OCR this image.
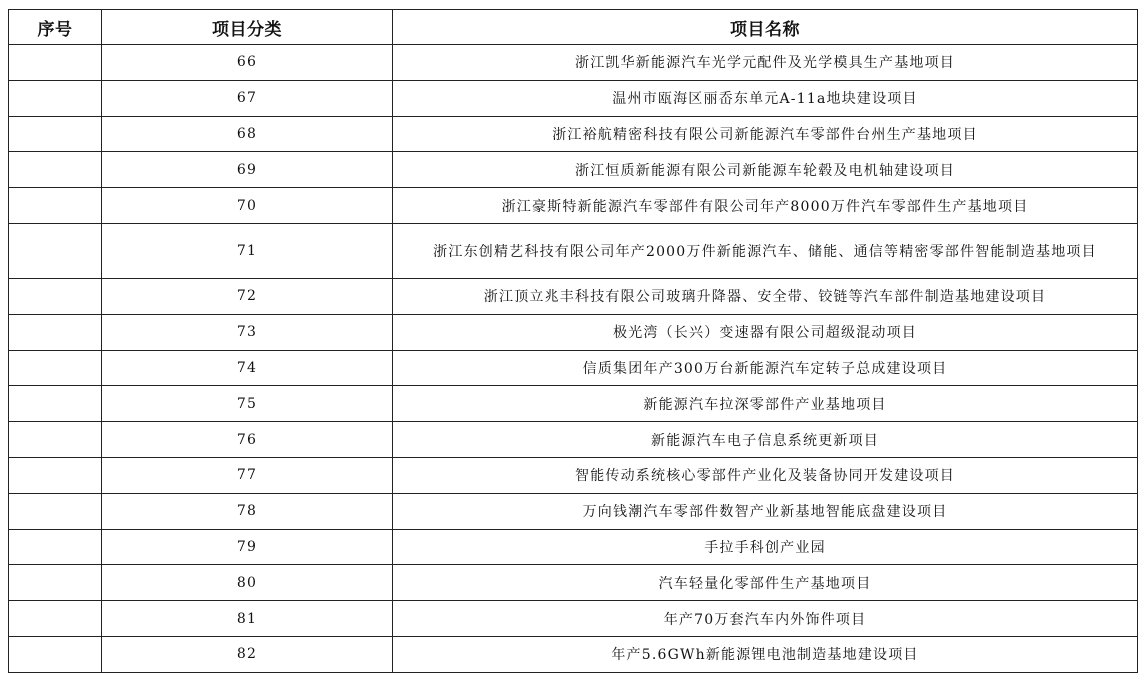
序号	项目分类	项目名称
	66	浙江凯华新能源汽车光学元配件及光学模具生产基地项目
	67	温州市瓯海区丽岙东单元A-11a地块建设项目
	68	浙江裕航精密科技有限公司新能源汽车零部件台州生产基地项目
	69	浙江恒质新能源有限公司新能源车轮毂及电机轴建设项目
	70	浙江豪斯特新能源汽车零部件有限公司年产8000万件汽车零部件生产基地项目
	71	浙江东创精艺科技有限公司年产2000万件新能源汽车、储能、通信等精密零部件智能制造基地项目
	72	浙江顶立兆丰科技有限公司玻璃升降器、安全带、铰链等汽车部件制造基地建设项目
	73	极光湾（长兴）变速器有限公司超级混动项目
	74	信质集团年产300万台新能源汽车定转子总成建设项目
	75	新能源汽车拉深零部件产业基地项目
	76	新能源汽车电子信息系统更新项目
	77	智能传动系统核心零部件产业化及装备协同开发建设项目
	78	万向钱潮汽车零部件数智产业新基地智能底盘建设项目
	79	手拉手科创产业园
	80	汽车轻量化零部件生产基地项目
	81	年产70万套汽车内外饰件项目
	82	年产5.6GWh新能源锂电池制造基地建设项目
